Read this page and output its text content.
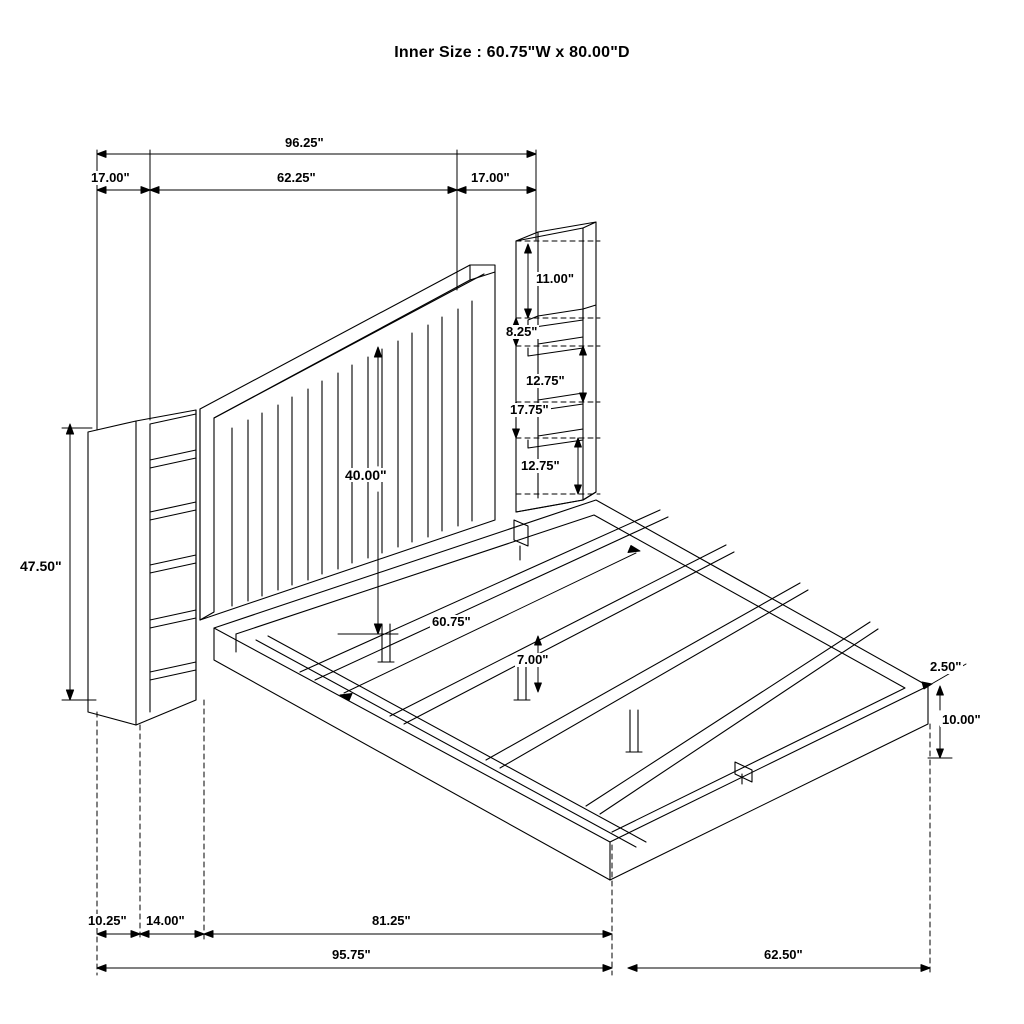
Inner Size : 60.75"W x 80.00"D
96.25"
17.00"	62.25"	17.00"
11.00"
8.25"
12.75"
17.75"
12.75"
40.00"
47.50"
60.75"
7.00"	2.50"
10.00"
10.25" 14.00"	81.25"
95.75"	62.50"
